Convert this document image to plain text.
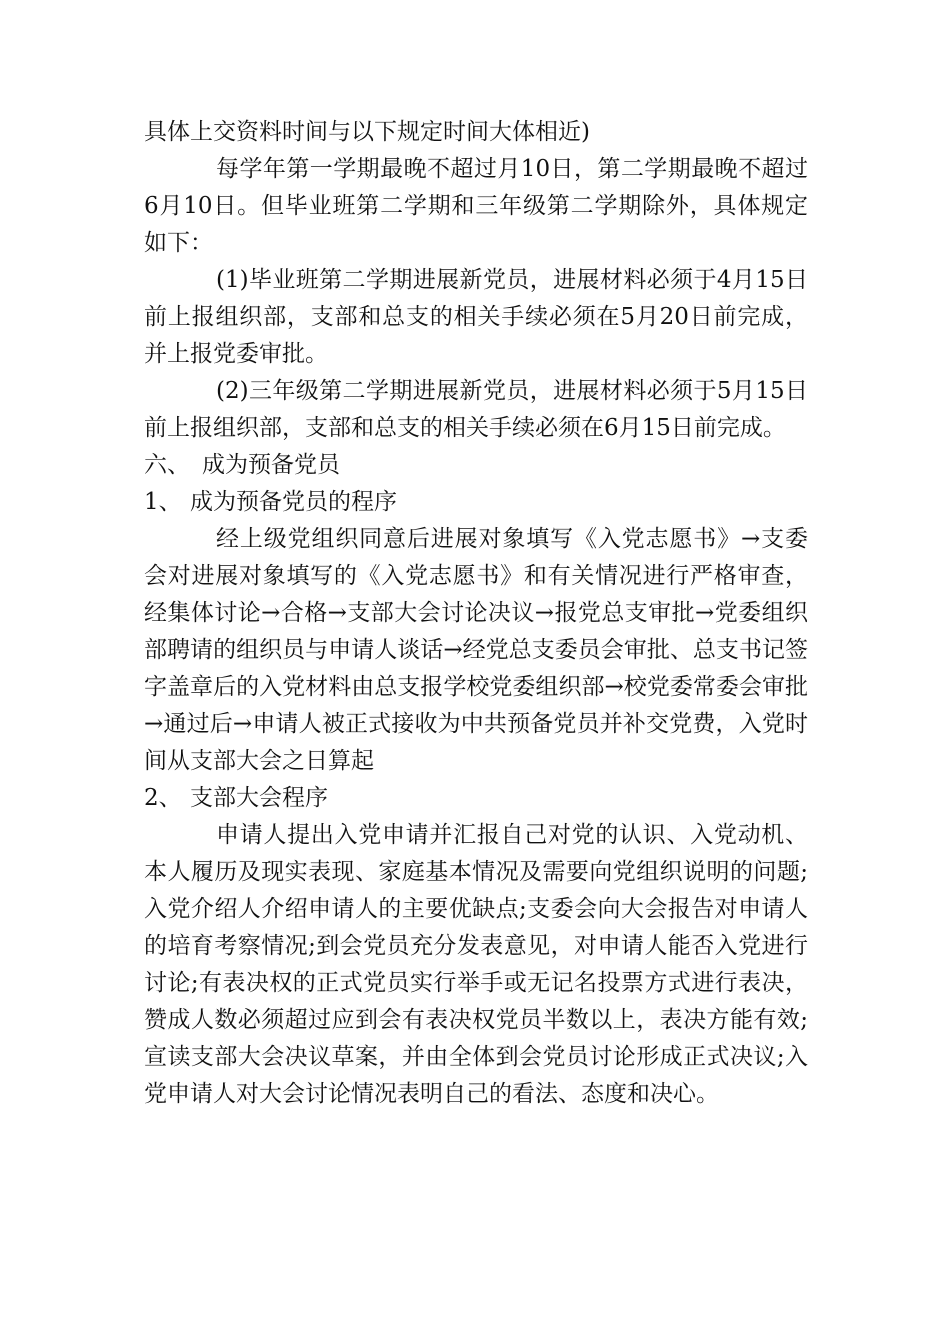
具体上交资料时间与以下规定时间大体相近)

每学年第一学期最晚不超过月10日，第二学期最晚不超过6月10日。但毕业班第二学期和三年级第二学期除外，具体规定如下：

(1)毕业班第二学期进展新党员，进展材料必须于4月15日前上报组织部，支部和总支的相关手续必须在5月20日前完成，并上报党委审批。

(2)三年级第二学期进展新党员，进展材料必须于5月15日前上报组织部，支部和总支的相关手续必须在6月15日前完成。

六、 成为预备党员

1、 成为预备党员的程序

经上级党组织同意后进展对象填写《入党志愿书》→支委会对进展对象填写的《入党志愿书》和有关情况进行严格审查，经集体讨论→合格→支部大会讨论决议→报党总支审批→党委组织部聘请的组织员与申请人谈话→经党总支委员会审批、总支书记签字盖章后的入党材料由总支报学校党委组织部→校党委常委会审批→通过后→申请人被正式接收为中共预备党员并补交党费，入党时间从支部大会之日算起

2、 支部大会程序

申请人提出入党申请并汇报自己对党的认识、入党动机、本人履历及现实表现、家庭基本情况及需要向党组织说明的问题;入党介绍人介绍申请人的主要优缺点;支委会向大会报告对申请人的培育考察情况;到会党员充分发表意见，对申请人能否入党进行讨论;有表决权的正式党员实行举手或无记名投票方式进行表决，赞成人数必须超过应到会有表决权党员半数以上，表决方能有效;宣读支部大会决议草案，并由全体到会党员讨论形成正式决议;入党申请人对大会讨论情况表明自己的看法、态度和决心。
